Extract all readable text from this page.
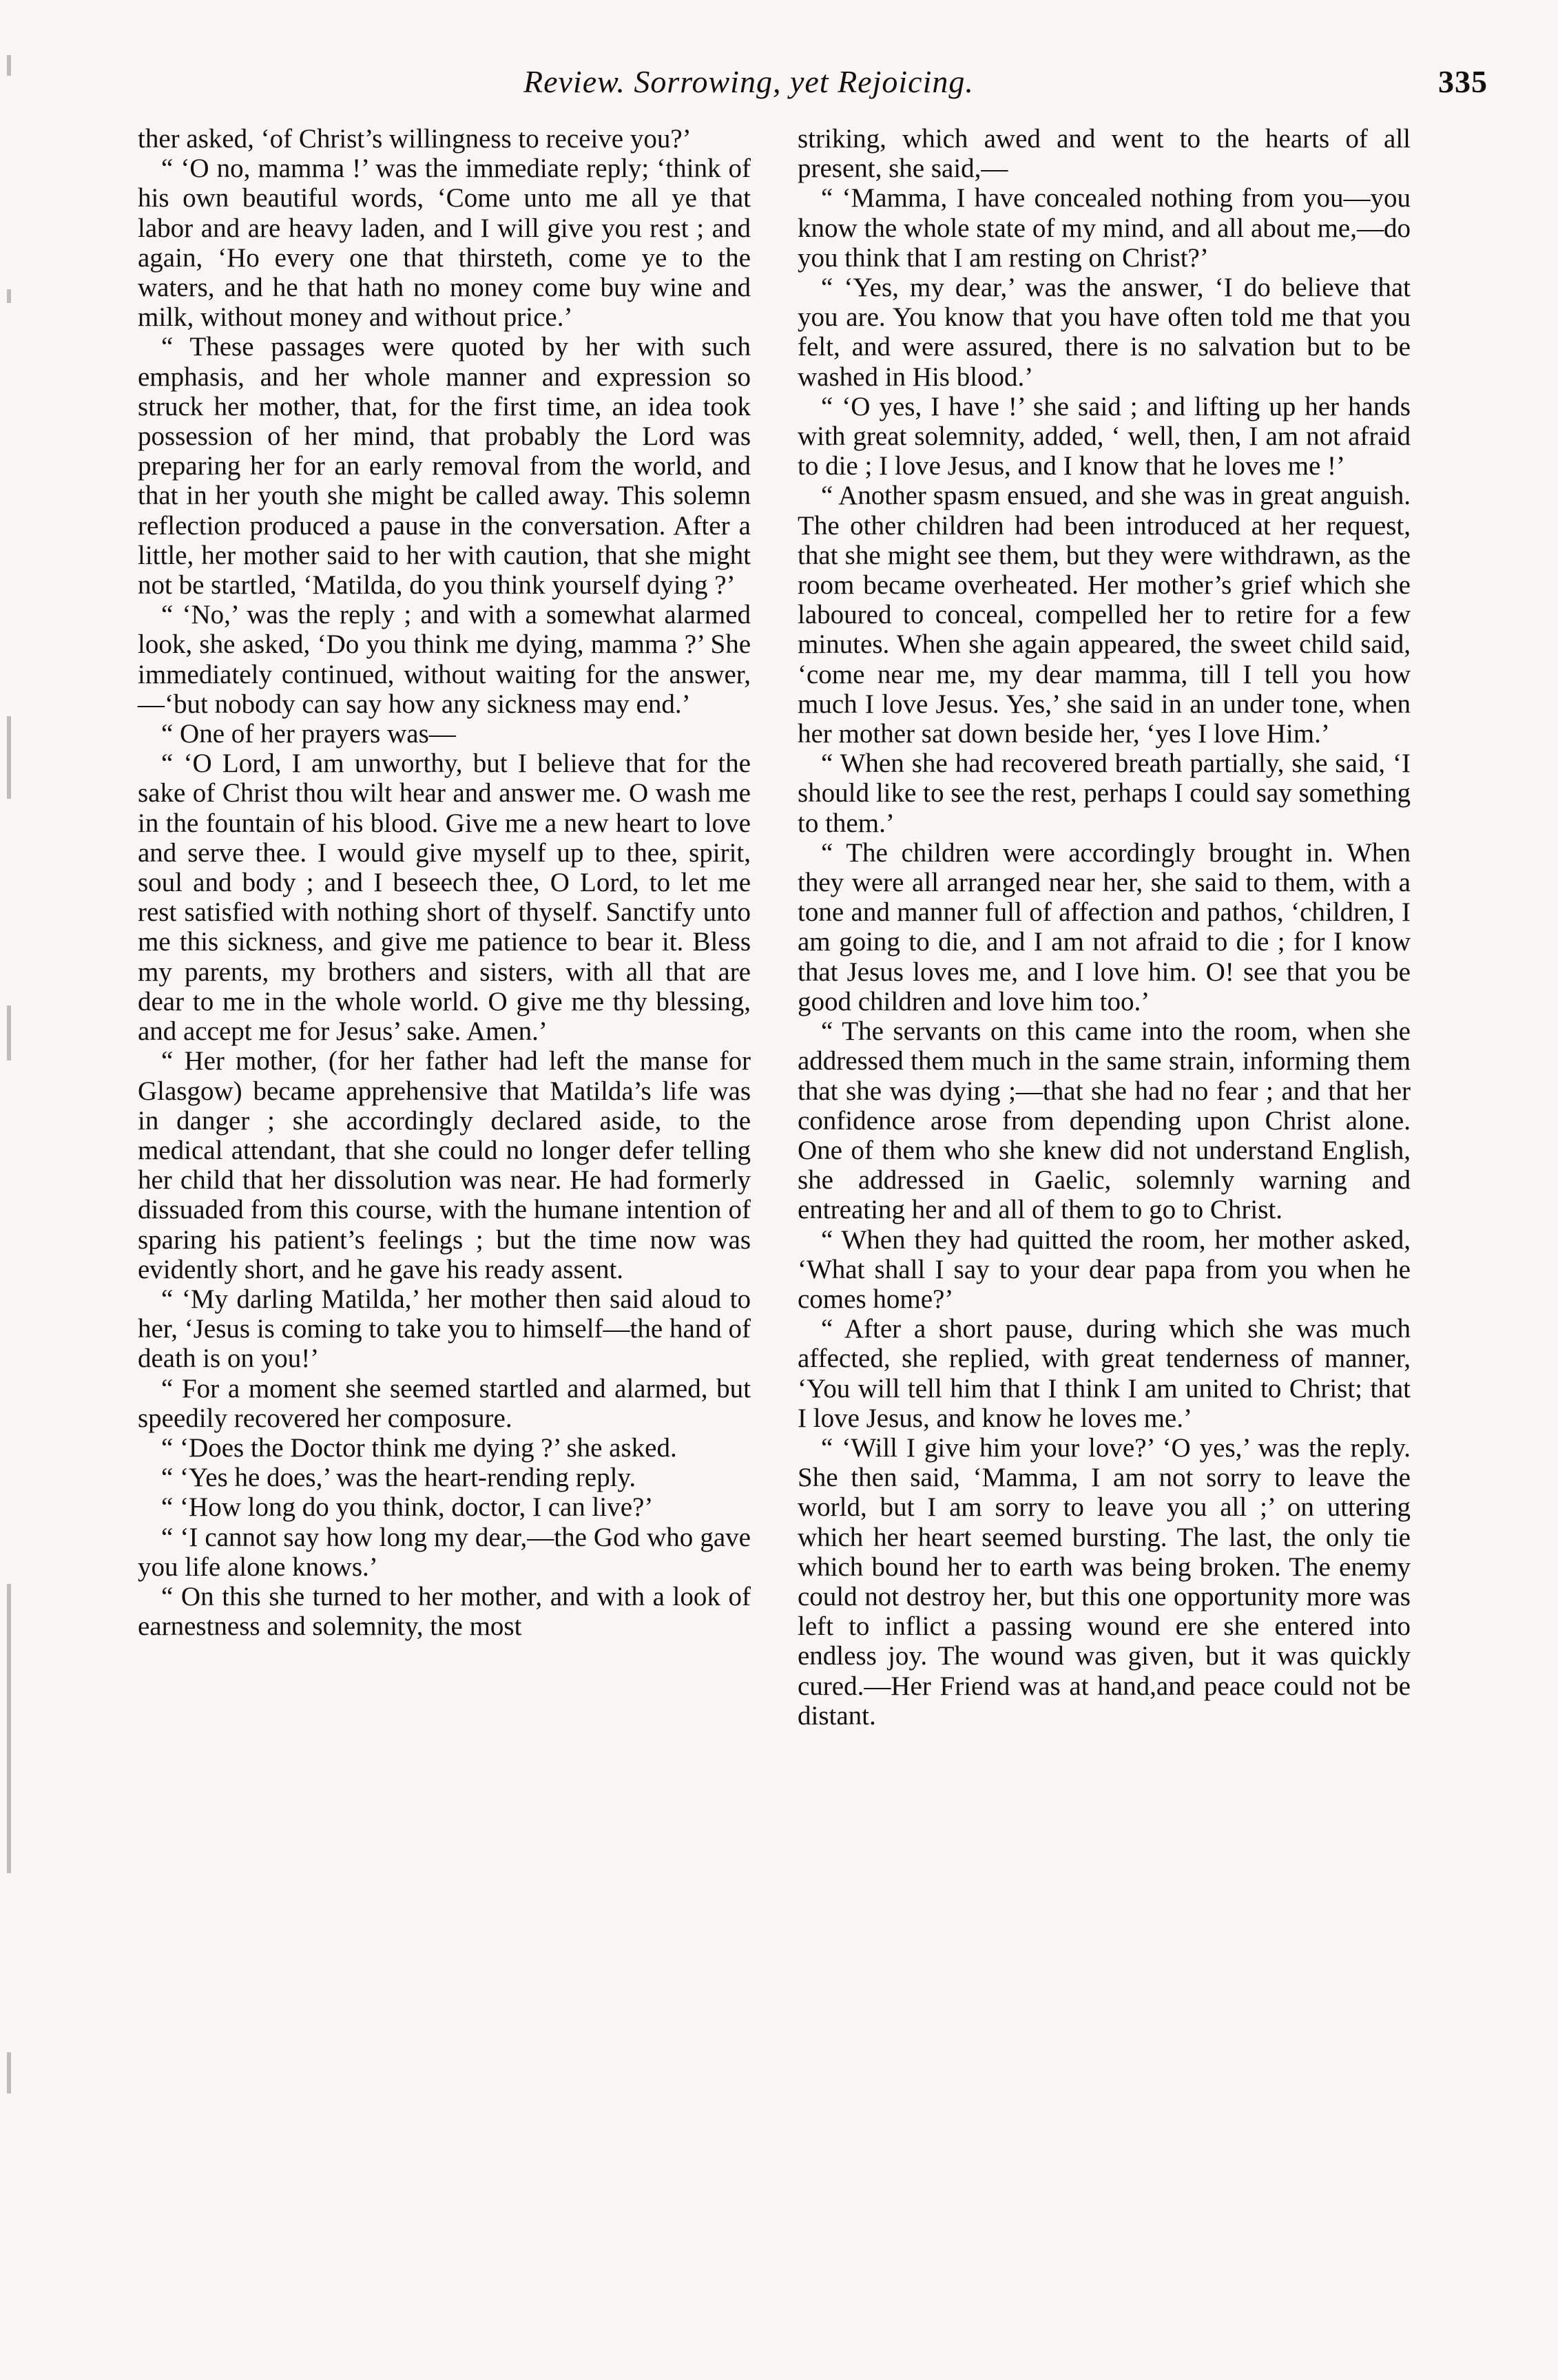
Review. Sorrowing, yet Rejoicing.	335

ther asked, ‘of Christ’s willingness to receive you?’

“ ‘O no, mamma !’ was the immediate reply; ‘think of his own beautiful words, ‘Come unto me all ye that labor and are heavy laden, and I will give you rest ; and again, ‘Ho every one that thirsteth, come ye to the waters, and he that hath no money come buy wine and milk, without money and without price.’

“ These passages were quoted by her with such emphasis, and her whole manner and expression so struck her mother, that, for the first time, an idea took possession of her mind, that probably the Lord was preparing her for an early removal from the world, and that in her youth she might be called away. This solemn reflection produced a pause in the conversation. After a little, her mother said to her with caution, that she might not be startled, ‘Matilda, do you think yourself dying ?’

“ ‘No,’ was the reply ; and with a somewhat alarmed look, she asked, ‘Do you think me dying, mamma ?’ She immediately continued, without waiting for the answer,—‘but nobody can say how any sickness may end.’

“ One of her prayers was—

“ ‘O Lord, I am unworthy, but I believe that for the sake of Christ thou wilt hear and answer me. O wash me in the fountain of his blood. Give me a new heart to love and serve thee. I would give myself up to thee, spirit, soul and body ; and I beseech thee, O Lord, to let me rest satisfied with nothing short of thyself. Sanctify unto me this sickness, and give me patience to bear it. Bless my parents, my brothers and sisters, with all that are dear to me in the whole world. O give me thy blessing, and accept me for Jesus’ sake. Amen.’

“ Her mother, (for her father had left the manse for Glasgow) became apprehensive that Matilda’s life was in danger ; she accordingly declared aside, to the medical attendant, that she could no longer defer telling her child that her dissolution was near. He had formerly dissuaded from this course, with the humane intention of sparing his patient’s feelings ; but the time now was evidently short, and he gave his ready assent.

“ ‘My darling Matilda,’ her mother then said aloud to her, ‘Jesus is coming to take you to himself—the hand of death is on you!’

“ For a moment she seemed startled and alarmed, but speedily recovered her composure.

“ ‘Does the Doctor think me dying ?’ she asked.

“ ‘Yes he does,’ was the heart-rending reply.

“ ‘How long do you think, doctor, I can live?’

“ ‘I cannot say how long my dear,—the God who gave you life alone knows.’

“ On this she turned to her mother, and with a look of earnestness and solemnity, the most

striking, which awed and went to the hearts of all present, she said,—

“ ‘Mamma, I have concealed nothing from you—you know the whole state of my mind, and all about me,—do you think that I am resting on Christ?’

“ ‘Yes, my dear,’ was the answer, ‘I do believe that you are. You know that you have often told me that you felt, and were assured, there is no salvation but to be washed in His blood.’

“ ‘O yes, I have !’ she said ; and lifting up her hands with great solemnity, added, ‘ well, then, I am not afraid to die ; I love Jesus, and I know that he loves me !’

“ Another spasm ensued, and she was in great anguish. The other children had been introduced at her request, that she might see them, but they were withdrawn, as the room became overheated. Her mother’s grief which she laboured to conceal, compelled her to retire for a few minutes. When she again appeared, the sweet child said, ‘come near me, my dear mamma, till I tell you how much I love Jesus. Yes,’ she said in an under tone, when her mother sat down beside her, ‘yes I love Him.’

“ When she had recovered breath partially, she said, ‘I should like to see the rest, perhaps I could say something to them.’

“ The children were accordingly brought in. When they were all arranged near her, she said to them, with a tone and manner full of affection and pathos, ‘children, I am going to die, and I am not afraid to die ; for I know that Jesus loves me, and I love him. O! see that you be good children and love him too.’

“ The servants on this came into the room, when she addressed them much in the same strain, informing them that she was dying ;—that she had no fear ; and that her confidence arose from depending upon Christ alone. One of them who she knew did not understand English, she addressed in Gaelic, solemnly warning and entreating her and all of them to go to Christ.

“ When they had quitted the room, her mother asked, ‘What shall I say to your dear papa from you when he comes home?’

“ After a short pause, during which she was much affected, she replied, with great tenderness of manner, ‘You will tell him that I think I am united to Christ; that I love Jesus, and know he loves me.’

“ ‘Will I give him your love?’ ‘O yes,’ was the reply. She then said, ‘Mamma, I am not sorry to leave the world, but I am sorry to leave you all ;’ on uttering which her heart seemed bursting. The last, the only tie which bound her to earth was being broken. The enemy could not destroy her, but this one opportunity more was left to inflict a passing wound ere she entered into endless joy. The wound was given, but it was quickly cured.—Her Friend was at hand,and peace could not be distant.
